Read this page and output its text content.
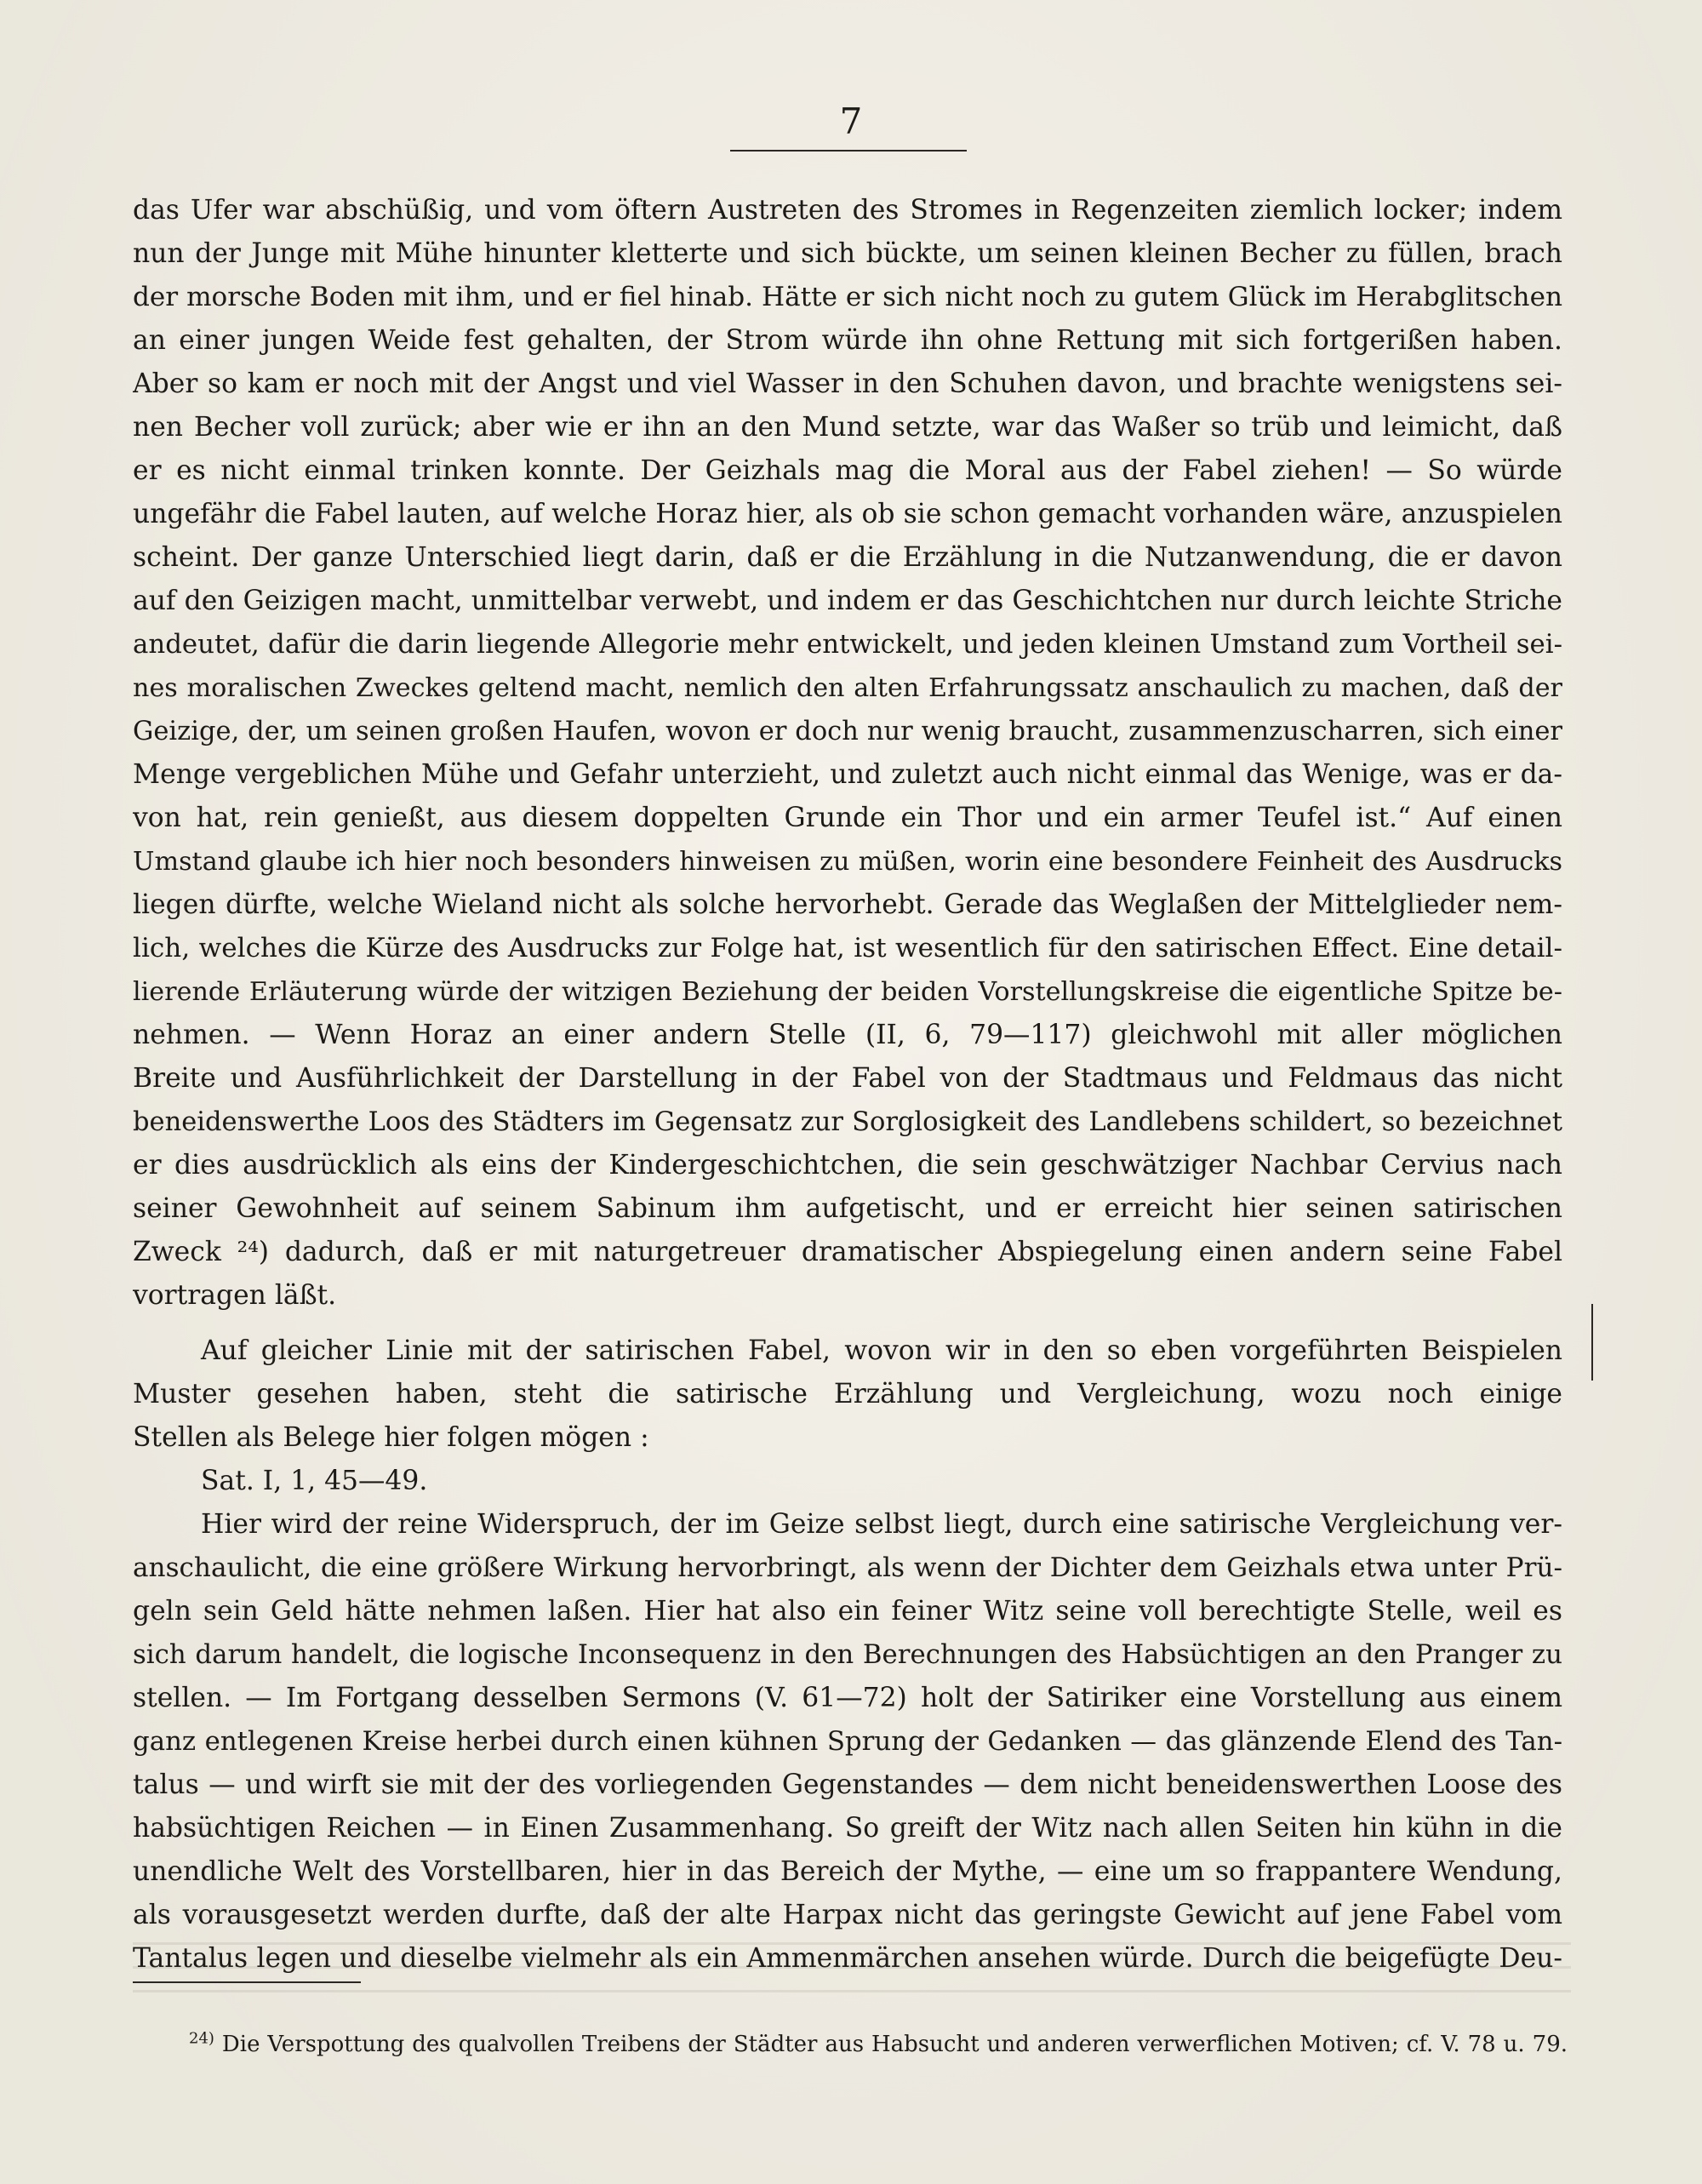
7
das Ufer war abschüßig, und vom öftern Austreten des Stromes in Regenzeiten ziemlich locker; indem
nun der Junge mit Mühe hinunter kletterte und sich bückte, um seinen kleinen Becher zu füllen, brach
der morsche Boden mit ihm, und er fiel hinab. Hätte er sich nicht noch zu gutem Glück im Herabglitschen
an einer jungen Weide fest gehalten, der Strom würde ihn ohne Rettung mit sich fortgerißen haben.
Aber so kam er noch mit der Angst und viel Wasser in den Schuhen davon, und brachte wenigstens sei-
nen Becher voll zurück; aber wie er ihn an den Mund setzte, war das Waßer so trüb und leimicht, daß
er es nicht einmal trinken konnte. Der Geizhals mag die Moral aus der Fabel ziehen! — So würde
ungefähr die Fabel lauten, auf welche Horaz hier, als ob sie schon gemacht vorhanden wäre, anzuspielen
scheint. Der ganze Unterschied liegt darin, daß er die Erzählung in die Nutzanwendung, die er davon
auf den Geizigen macht, unmittelbar verwebt, und indem er das Geschichtchen nur durch leichte Striche
andeutet, dafür die darin liegende Allegorie mehr entwickelt, und jeden kleinen Umstand zum Vortheil sei-
nes moralischen Zweckes geltend macht, nemlich den alten Erfahrungssatz anschaulich zu machen, daß der
Geizige, der, um seinen großen Haufen, wovon er doch nur wenig braucht, zusammenzuscharren, sich einer
Menge vergeblichen Mühe und Gefahr unterzieht, und zuletzt auch nicht einmal das Wenige, was er da-
von hat, rein genießt, aus diesem doppelten Grunde ein Thor und ein armer Teufel ist.“ Auf einen
Umstand glaube ich hier noch besonders hinweisen zu müßen, worin eine besondere Feinheit des Ausdrucks
liegen dürfte, welche Wieland nicht als solche hervorhebt. Gerade das Weglaßen der Mittelglieder nem-
lich, welches die Kürze des Ausdrucks zur Folge hat, ist wesentlich für den satirischen Effect. Eine detail-
lierende Erläuterung würde der witzigen Beziehung der beiden Vorstellungskreise die eigentliche Spitze be-
nehmen. — Wenn Horaz an einer andern Stelle (II, 6, 79—117) gleichwohl mit aller möglichen
Breite und Ausführlichkeit der Darstellung in der Fabel von der Stadtmaus und Feldmaus das nicht
beneidenswerthe Loos des Städters im Gegensatz zur Sorglosigkeit des Landlebens schildert, so bezeichnet
er dies ausdrücklich als eins der Kindergeschichtchen, die sein geschwätziger Nachbar Cervius nach
seiner Gewohnheit auf seinem Sabinum ihm aufgetischt, und er erreicht hier seinen satirischen
Zweck ²⁴) dadurch, daß er mit naturgetreuer dramatischer Abspiegelung einen andern seine Fabel
vortragen läßt.
Auf gleicher Linie mit der satirischen Fabel, wovon wir in den so eben vorgeführten Beispielen
Muster gesehen haben, steht die satirische Erzählung und Vergleichung, wozu noch einige
Stellen als Belege hier folgen mögen :
Sat. I, 1, 45—49.
Hier wird der reine Widerspruch, der im Geize selbst liegt, durch eine satirische Vergleichung ver-
anschaulicht, die eine größere Wirkung hervorbringt, als wenn der Dichter dem Geizhals etwa unter Prü-
geln sein Geld hätte nehmen laßen. Hier hat also ein feiner Witz seine voll berechtigte Stelle, weil es
sich darum handelt, die logische Inconsequenz in den Berechnungen des Habsüchtigen an den Pranger zu
stellen. — Im Fortgang desselben Sermons (V. 61—72) holt der Satiriker eine Vorstellung aus einem
ganz entlegenen Kreise herbei durch einen kühnen Sprung der Gedanken — das glänzende Elend des Tan-
talus — und wirft sie mit der des vorliegenden Gegenstandes — dem nicht beneidenswerthen Loose des
habsüchtigen Reichen — in Einen Zusammenhang. So greift der Witz nach allen Seiten hin kühn in die
unendliche Welt des Vorstellbaren, hier in das Bereich der Mythe, — eine um so frappantere Wendung,
als vorausgesetzt werden durfte, daß der alte Harpax nicht das geringste Gewicht auf jene Fabel vom
Tantalus legen und dieselbe vielmehr als ein Ammenmärchen ansehen würde. Durch die beigefügte Deu-
$^{24)}$ Die Verspottung des qualvollen Treibens der Städter aus Habsucht und anderen verwerflichen Motiven; cf. V. 78 u. 79.
